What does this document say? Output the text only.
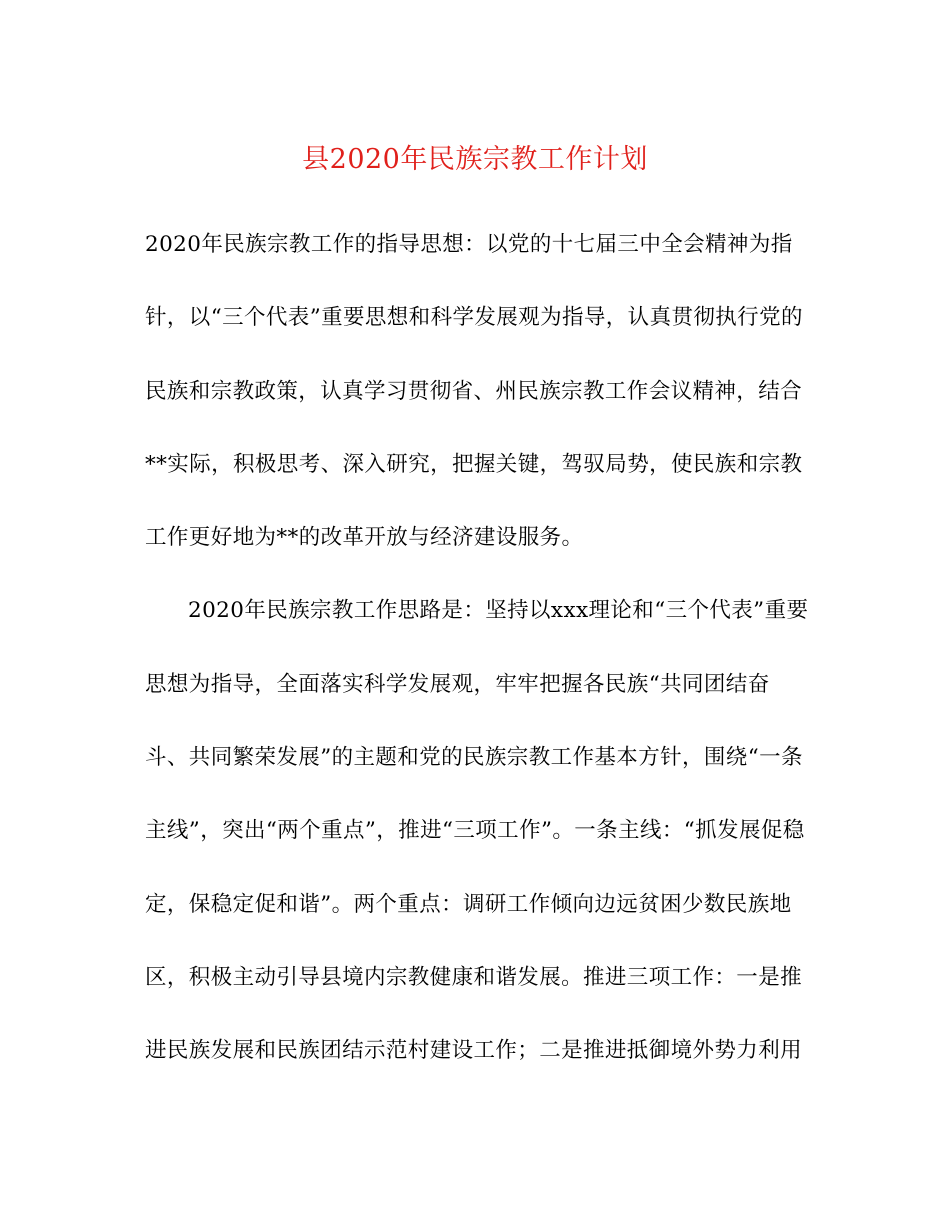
县2020年民族宗教工作计划
2020年民族宗教工作的指导思想：以党的十七届三中全会精神为指
针，以“三个代表”重要思想和科学发展观为指导，认真贯彻执行党的
民族和宗教政策，认真学习贯彻省、州民族宗教工作会议精神，结合
**实际，积极思考、深入研究，把握关键，驾驭局势，使民族和宗教
工作更好地为**的改革开放与经济建设服务。
2020年民族宗教工作思路是：坚持以xxx理论和“三个代表”重要
思想为指导，全面落实科学发展观，牢牢把握各民族“共同团结奋
斗、共同繁荣发展”的主题和党的民族宗教工作基本方针，围绕“一条
主线”，突出“两个重点”，推进“三项工作”。一条主线：“抓发展促稳
定，保稳定促和谐”。两个重点：调研工作倾向边远贫困少数民族地
区，积极主动引导县境内宗教健康和谐发展。推进三项工作：一是推
进民族发展和民族团结示范村建设工作；二是推进抵御境外势力利用
